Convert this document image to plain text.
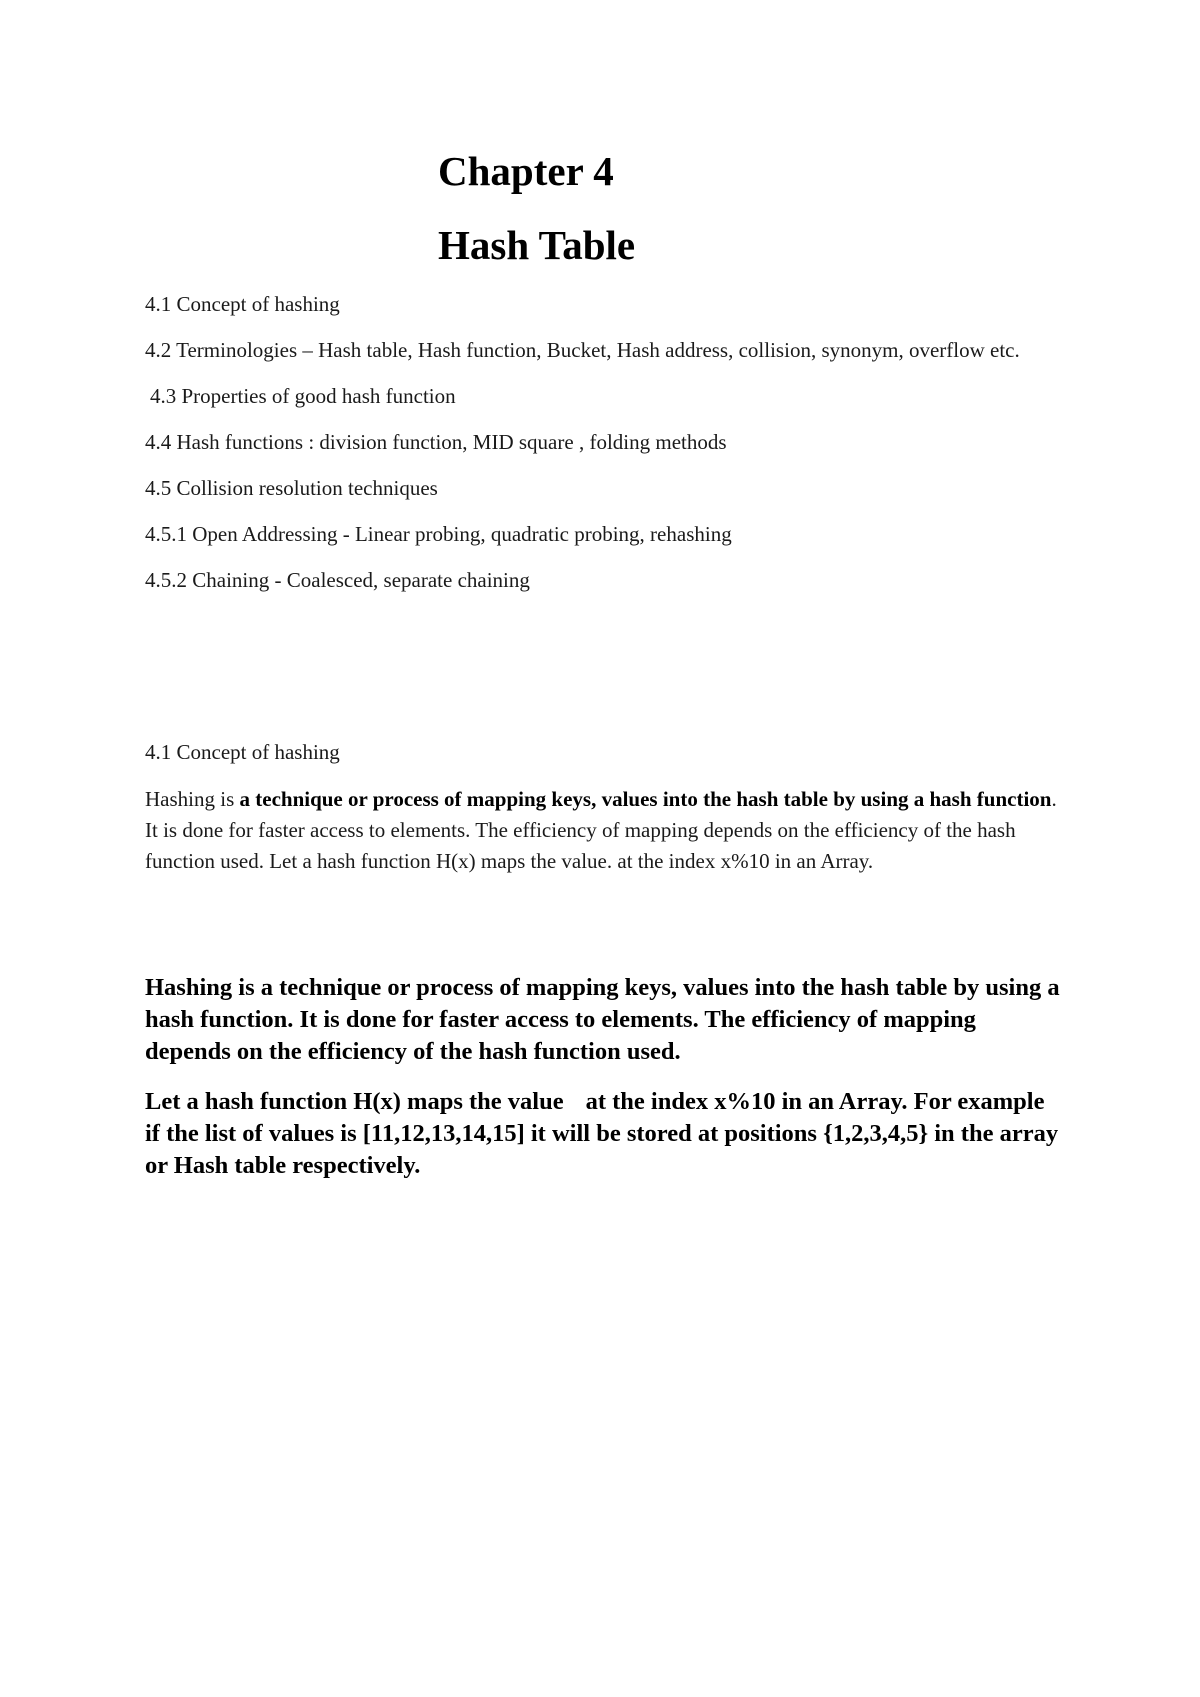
Chapter 4
Hash Table
4.1 Concept of hashing
4.2 Terminologies – Hash table, Hash function, Bucket, Hash address, collision, synonym, overflow etc.
4.3 Properties of good hash function
4.4 Hash functions : division function, MID square , folding methods
4.5 Collision resolution techniques
4.5.1 Open Addressing - Linear probing, quadratic probing, rehashing
4.5.2 Chaining - Coalesced, separate chaining

4.1 Concept of hashing

Hashing is a technique or process of mapping keys, values into the hash table by using a hash function. It is done for faster access to elements. The efficiency of mapping depends on the efficiency of the hash function used. Let a hash function H(x) maps the value. at the index x%10 in an Array.

Hashing is a technique or process of mapping keys, values into the hash table by using a hash function. It is done for faster access to elements. The efficiency of mapping depends on the efficiency of the hash function used.

Let a hash function H(x) maps the value at the index x%10 in an Array. For example if the list of values is [11,12,13,14,15] it will be stored at positions {1,2,3,4,5} in the array or Hash table respectively.
